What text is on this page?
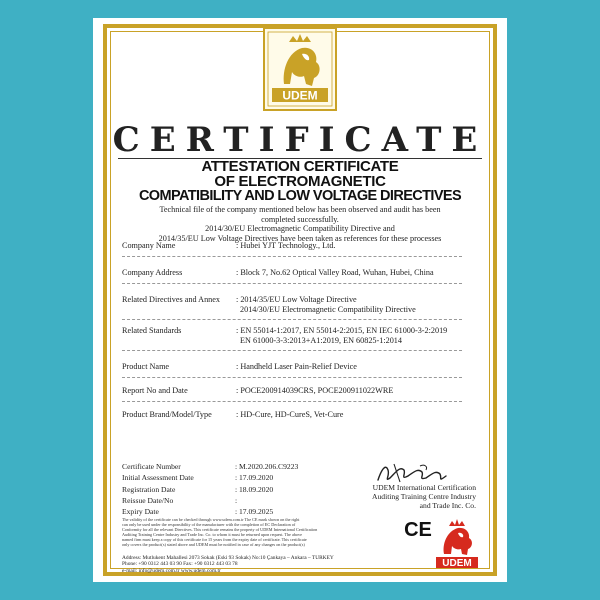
UDEM
CERTIFICATE
ATTESTATION CERTIFICATE
OF ELECTROMAGNETIC
COMPATIBILITY AND LOW VOLTAGE DIRECTIVES
Technical file of the company mentioned below has been observed and audit has been
completed successfully.
2014/30/EU Electromagnetic Compatibility Directive and
2014/35/EU Low Voltage Directives have been taken as references for these processes
Company Name	: Hubei YJT Technology., Ltd.
Company Address	: Block 7, No.62 Optical Valley Road, Wuhan, Hubei, China
Related Directives and Annex	: 2014/35/EU Low Voltage Directive
2014/30/EU Electromagnetic Compatibility Directive
Related Standards	: EN 55014-1:2017, EN 55014-2:2015, EN IEC 61000-3-2:2019
EN 61000-3-3:2013+A1:2019, EN 60825-1:2014
Product Name	: Handheld Laser Pain-Relief Device
Report No and Date	: POCE200914039CRS, POCE200911022WRE
Product Brand/Model/Type	: HD-Cure, HD-CureS, Vet-Cure
Certificate Number	: M.2020.206.C9223
Initial Assessment Date	: 17.09.2020
Registration Date	: 18.09.2020
Reissue Date/No	:
Expiry Date	: 17.09.2025
UDEM International Certification
Auditing Training Centre Industry
and Trade Inc. Co.
The validity of the certificate can be checked through www.udem.com.tr The CE mark shown on the right
can only be used under the responsibility of the manufacturer with the completion of EC Declaration of
Conformity for all the relevant Directives. This certificate remains the property of UDEM International Certification
Auditing Training Centre Industry and Trade Inc. Co. to whom it must be returned upon request. The above
named firm must keep a copy of this certificate for 15 years from the expiry date of certificate. This certificate
only covers the product(s) stated above and UDEM must be notified in case of any changes on the product(s)
Address: Mutlukent Mahallesi 2073 Sokak (Eski 93 Sokak) No:10 Çankaya – Ankara – TURKEY
Phone: +90 0312 443 03 90 Fax: +90 0312 443 03 78
e-mail: info@udem.com.tr www.udem.com.tr
CE
UDEM
